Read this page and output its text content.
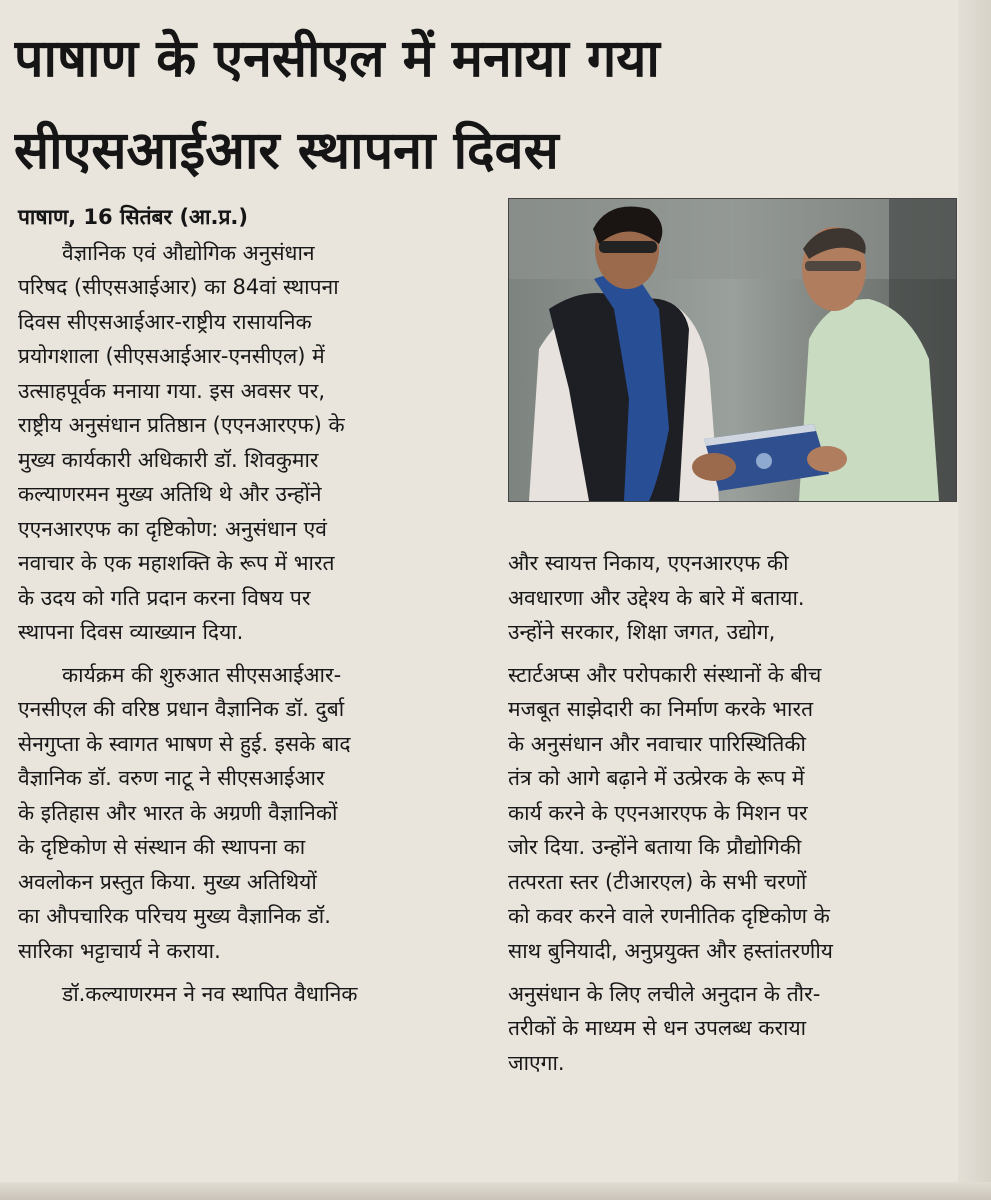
पाषाण के एनसीएल में मनाया गया
सीएसआईआर स्थापना दिवस
पाषाण, 16 सितंबर (आ.प्र.)
वैज्ञानिक एवं औद्योगिक अनुसंधान
परिषद (सीएसआईआर) का 84वां स्थापना
दिवस सीएसआईआर-राष्ट्रीय रासायनिक
प्रयोगशाला (सीएसआईआर-एनसीएल) में
उत्साहपूर्वक मनाया गया. इस अवसर पर,
राष्ट्रीय अनुसंधान प्रतिष्ठान (एएनआरएफ) के
मुख्य कार्यकारी अधिकारी डॉ. शिवकुमार
कल्याणरमन मुख्य अतिथि थे और उन्होंने
एएनआरएफ का दृष्टिकोण: अनुसंधान एवं
नवाचार के एक महाशक्ति के रूप में भारत
के उदय को गति प्रदान करना विषय पर
स्थापना दिवस व्याख्यान दिया.
कार्यक्रम की शुरुआत सीएसआईआर-
एनसीएल की वरिष्ठ प्रधान वैज्ञानिक डॉ. दुर्बा
सेनगुप्ता के स्वागत भाषण से हुई. इसके बाद
वैज्ञानिक डॉ. वरुण नाटू ने सीएसआईआर
के इतिहास और भारत के अग्रणी वैज्ञानिकों
के दृष्टिकोण से संस्थान की स्थापना का
अवलोकन प्रस्तुत किया. मुख्य अतिथियों
का औपचारिक परिचय मुख्य वैज्ञानिक डॉ.
सारिका भट्टाचार्य ने कराया.
डॉ.कल्याणरमन ने नव स्थापित वैधानिक
और स्वायत्त निकाय, एएनआरएफ की
अवधारणा और उद्देश्य के बारे में बताया.
उन्होंने सरकार, शिक्षा जगत, उद्योग,
स्टार्टअप्स और परोपकारी संस्थानों के बीच
मजबूत साझेदारी का निर्माण करके भारत
के अनुसंधान और नवाचार पारिस्थितिकी
तंत्र को आगे बढ़ाने में उत्प्रेरक के रूप में
कार्य करने के एएनआरएफ के मिशन पर
जोर दिया. उन्होंने बताया कि प्रौद्योगिकी
तत्परता स्तर (टीआरएल) के सभी चरणों
को कवर करने वाले रणनीतिक दृष्टिकोण के
साथ बुनियादी, अनुप्रयुक्त और हस्तांतरणीय
अनुसंधान के लिए लचीले अनुदान के तौर-
तरीकों के माध्यम से धन उपलब्ध कराया
जाएगा.
